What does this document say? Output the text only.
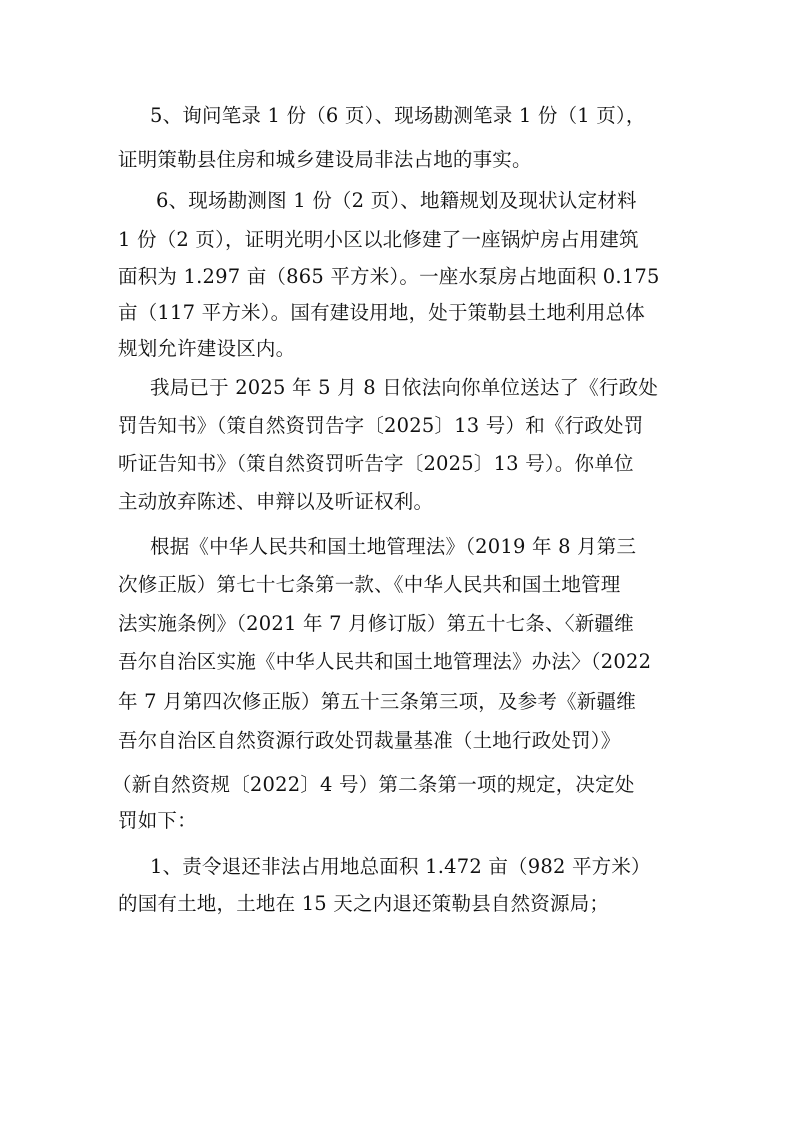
5、询问笔录 1 份（6 页）、现场勘测笔录 1 份（1 页），
证明策勒县住房和城乡建设局非法占地的事实。
6、现场勘测图 1 份（2 页）、地籍规划及现状认定材料
1 份（2 页），证明光明小区以北修建了一座锅炉房占用建筑
面积为 1.297 亩（865 平方米）。一座水泵房占地面积 0.175
亩（117 平方米）。国有建设用地，处于策勒县土地利用总体
规划允许建设区内。
我局已于 2025 年 5 月 8 日依法向你单位送达了《行政处
罚告知书》（策自然资罚告字〔2025〕13 号）和《行政处罚
听证告知书》（策自然资罚听告字〔2025〕13 号）。你单位
主动放弃陈述、申辩以及听证权利。
根据《中华人民共和国土地管理法》（2019 年 8 月第三
次修正版）第七十七条第一款、《中华人民共和国土地管理
法实施条例》（2021 年 7 月修订版）第五十七条、〈新疆维
吾尔自治区实施《中华人民共和国土地管理法》办法〉（2022
年 7 月第四次修正版）第五十三条第三项，及参考《新疆维
吾尔自治区自然资源行政处罚裁量基准（土地行政处罚）》
（新自然资规〔2022〕4 号）第二条第一项的规定，决定处
罚如下：
1、责令退还非法占用地总面积 1.472 亩（982 平方米）
的国有土地，土地在 15 天之内退还策勒县自然资源局；
